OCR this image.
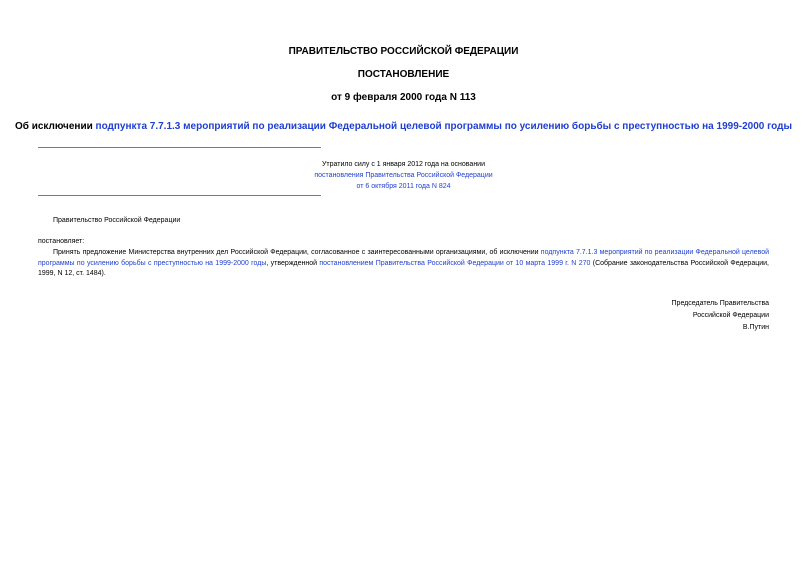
ПРАВИТЕЛЬСТВО РОССИЙСКОЙ ФЕДЕРАЦИИ
ПОСТАНОВЛЕНИЕ
от 9 февраля 2000 года N 113
Об исключении подпункта 7.7.1.3 мероприятий по реализации Федеральной целевой программы по усилению борьбы с преступностью на 1999-2000 годы
Утратило силу с 1 января 2012 года на основании
постановления Правительства Российской Федерации
от 6 октября 2011 года N 824
Правительство Российской Федерации
постановляет:
Принять предложение Министерства внутренних дел Российской Федерации, согласованное с заинтересованными организациями, об исключении подпункта 7.7.1.3 мероприятий по реализации Федеральной целевой программы по усилению борьбы с преступностью на 1999-2000 годы, утвержденной постановлением Правительства Российской Федерации от 10 марта 1999 г. N 270 (Собрание законодательства Российской Федерации, 1999, N 12, ст. 1484).
Председатель Правительства
Российской Федерации
В.Путин
